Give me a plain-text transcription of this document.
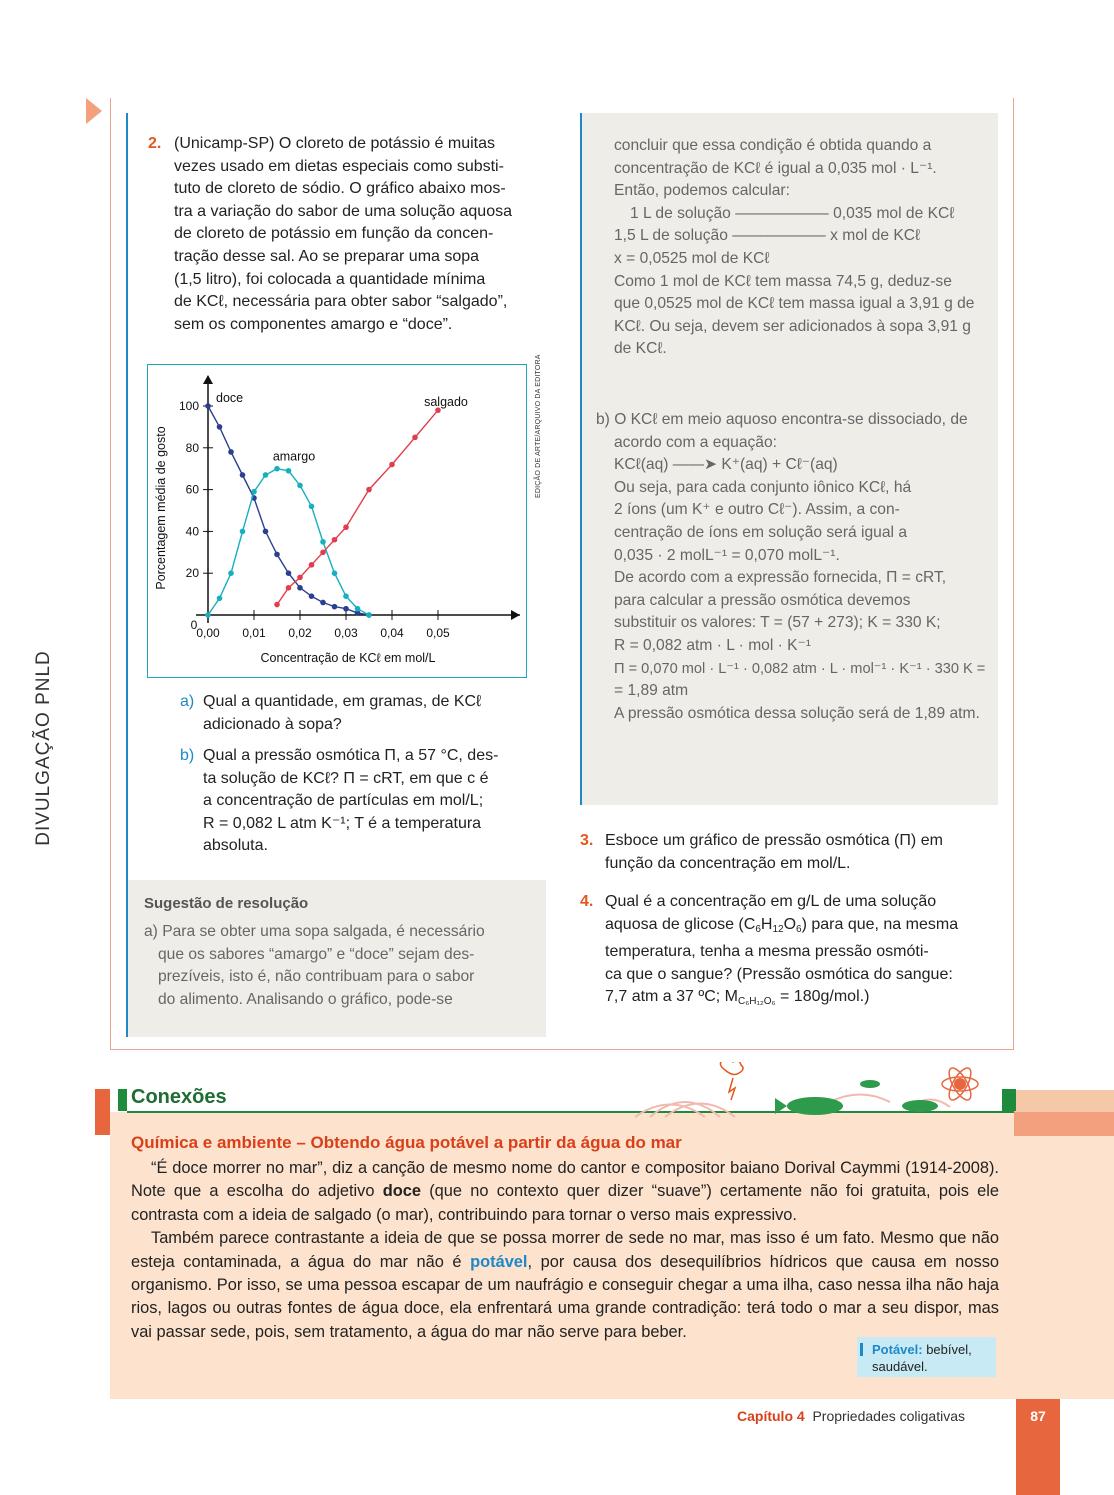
DIVULGAÇÃO PNLD
2. (Unicamp-SP) O cloreto de potássio é muitas

vezes usado em dietas especiais como substi-

tuto de cloreto de sódio. O gráfico abaixo mos-

tra a variação do sabor de uma solução aquosa

de cloreto de potássio em função da concen-

tração desse sal. Ao se preparar uma sopa

(1,5 litro), foi colocada a quantidade mínima

de KCℓ, necessária para obter sabor “salgado”,

sem os componentes amargo e “doce”.

20
40
60
80
100
0,00 0,01 0,02 0,03 0,04 0,05
0
Concentração de KCℓ em mol/L
Porcentagem média de gosto
doce
amargo
salgado	EDIÇÃO DE ARTE/ARQUIVO DA EDITORA
a) Qual a quantidade, em gramas, de KCℓ

adicionado à sopa?

b) Qual a pressão osmótica Π, a 57 °C, des-

ta solução de KCℓ? Π = cRT, em que c é

a concentração de partículas em mol/L;

R = 0,082 L atm K⁻¹; T é a temperatura

absoluta.

Sugestão de resolução

a) Para se obter uma sopa salgada, é necessário

que os sabores “amargo” e “doce” sejam des-

prezíveis, isto é, não contribuam para o sabor

do alimento. Analisando o gráfico, pode-se

concluir que essa condição é obtida quando a

concentração de KCℓ é igual a 0,035 mol · L⁻¹.

Então, podemos calcular:

1 L de solução —————— 0,035 mol de KCℓ

1,5 L de solução —————— x mol de KCℓ

x = 0,0525 mol de KCℓ

Como 1 mol de KCℓ tem massa 74,5 g, deduz-se

que 0,0525 mol de KCℓ tem massa igual a 3,91 g de

KCℓ. Ou seja, devem ser adicionados à sopa 3,91 g

de KCℓ.

b) O KCℓ em meio aquoso encontra-se dissociado, de

acordo com a equação:

KCℓ(aq) ——➤ K⁺(aq) + Cℓ⁻(aq)

Ou seja, para cada conjunto iônico KCℓ, há

2 íons (um K⁺ e outro Cℓ⁻). Assim, a con-

centração de íons em solução será igual a

0,035 · 2 molL⁻¹ = 0,070 molL⁻¹.

De acordo com a expressão fornecida, Π = cRT,

para calcular a pressão osmótica devemos

substituir os valores: T = (57 + 273); K = 330 K;

R = 0,082 atm · L · mol · K⁻¹

Π = 0,070 mol · L⁻¹ · 0,082 atm · L · mol⁻¹ · K⁻¹ · 330 K =

= 1,89 atm

A pressão osmótica dessa solução será de 1,89 atm.

3. Esboce um gráfico de pressão osmótica (Π) em

função da concentração em mol/L.

4. Qual é a concentração em g/L de uma solução

aquosa de glicose $(C_6H_{12}O_6)$ para que, na mesma

temperatura, tenha a mesma pressão osmóti-

ca que o sangue? (Pressão osmótica do sangue:

7,7 atm a 37 ºC; $M_{C_6H_{12}O_6} = 180g/mol$.)

Conexões
Química e ambiente – Obtendo água potável a partir da água do mar

“É doce morrer no mar”, diz a canção de mesmo nome do cantor e compositor baiano Dorival Caymmi (1914-2008). Note que a escolha do adjetivo doce (que no contexto quer dizer “suave”) certamente não foi gratuita, pois ele contrasta com a ideia de salgado (o mar), contribuindo para tornar o verso mais expressivo.

Também parece contrastante a ideia de que se possa morrer de sede no mar, mas isso é um fato. Mesmo que não esteja contaminada, a água do mar não é potável, por causa dos desequilíbrios hídricos que causa em nosso organismo. Por isso, se uma pessoa escapar de um naufrágio e conseguir chegar a uma ilha, caso nessa ilha não haja rios, lagos ou outras fontes de água doce, ela enfrentará uma grande contradição: terá todo o mar a seu dispor, mas vai passar sede, pois, sem tratamento, a água do mar não serve para beber.

Potável: bebível, saudável.
Capítulo 4 Propriedades coligativas	87
